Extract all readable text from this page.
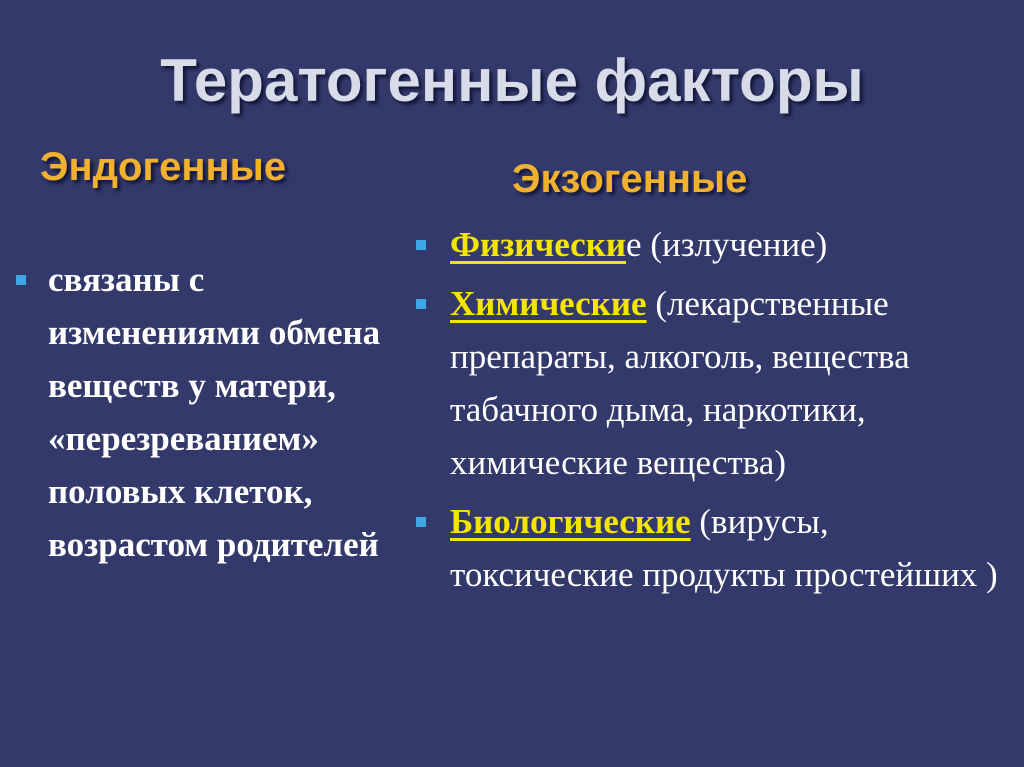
Тератогенные факторы
Эндогенные	Экзогенные
связаны с изменениями обмена веществ у матери, «перезреванием» половых клеток, возрастом родителей
Физические (излучение)
Химические (лекарственные препараты, алкоголь, вещества табачного дыма, наркотики, химические вещества)
Биологические (вирусы, токсические продукты простейших )
